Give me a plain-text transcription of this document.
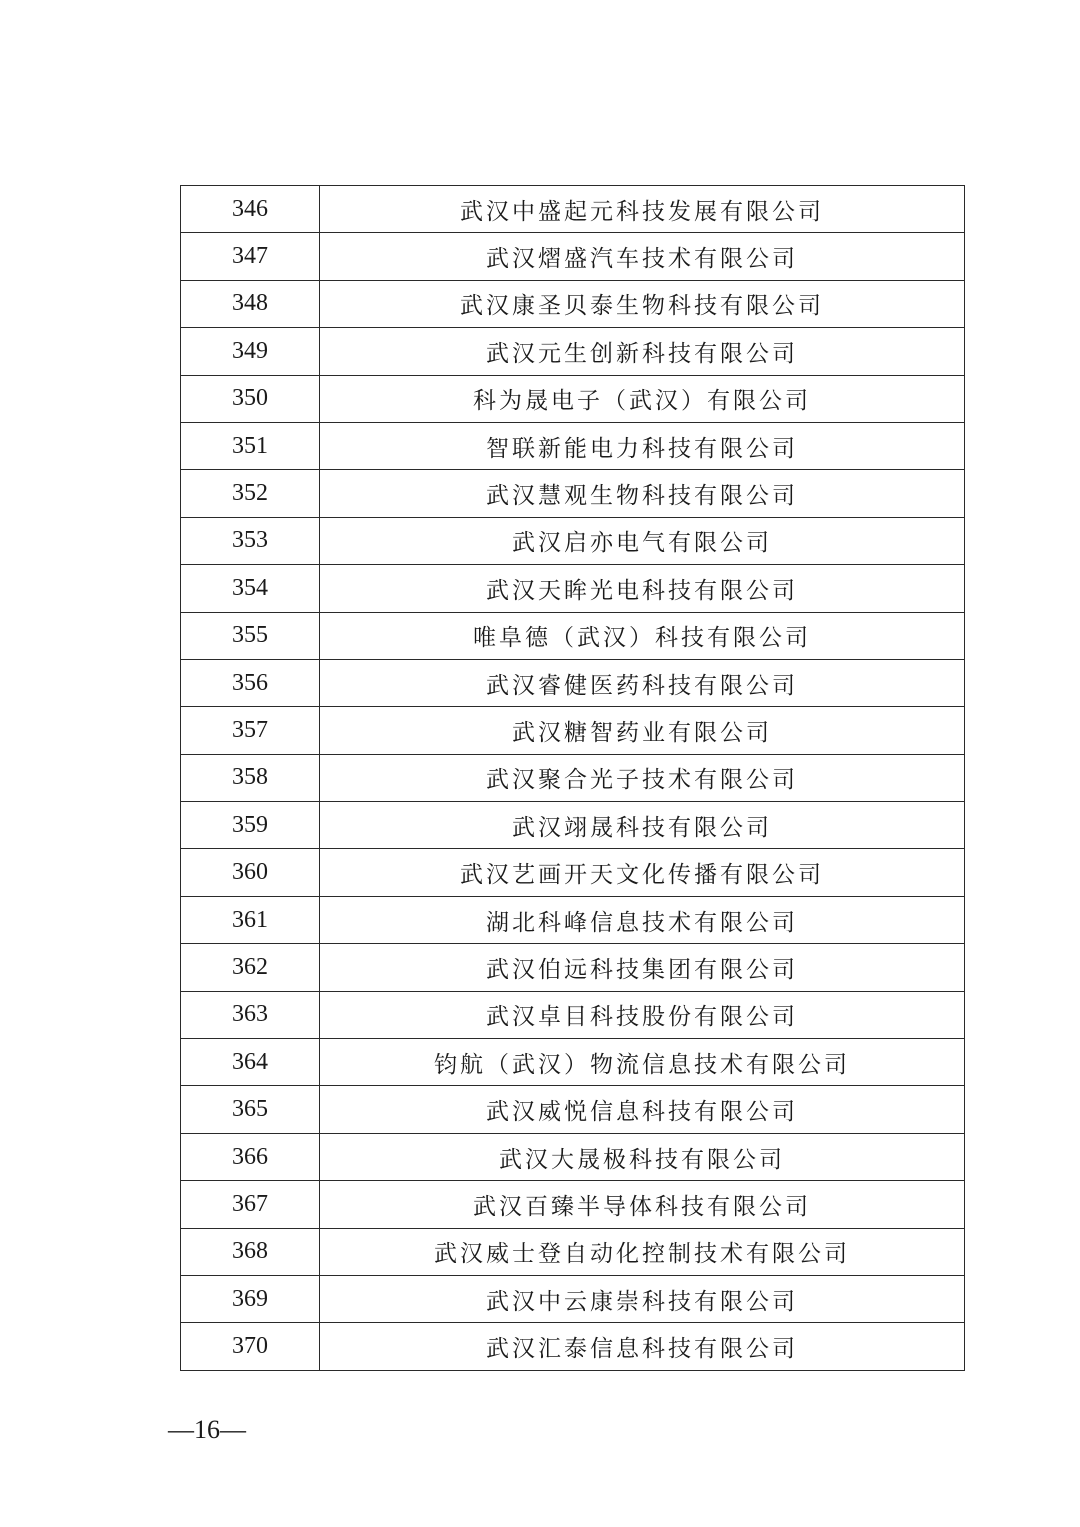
346	武汉中盛起元科技发展有限公司
347	武汉熠盛汽车技术有限公司
348	武汉康圣贝泰生物科技有限公司
349	武汉元生创新科技有限公司
350	科为晟电子（武汉）有限公司
351	智联新能电力科技有限公司
352	武汉慧观生物科技有限公司
353	武汉启亦电气有限公司
354	武汉天眸光电科技有限公司
355	唯阜德（武汉）科技有限公司
356	武汉睿健医药科技有限公司
357	武汉糖智药业有限公司
358	武汉聚合光子技术有限公司
359	武汉翊晟科技有限公司
360	武汉艺画开天文化传播有限公司
361	湖北科峰信息技术有限公司
362	武汉伯远科技集团有限公司
363	武汉卓目科技股份有限公司
364	钧航（武汉）物流信息技术有限公司
365	武汉威悦信息科技有限公司
366	武汉大晟极科技有限公司
367	武汉百臻半导体科技有限公司
368	武汉威士登自动化控制技术有限公司
369	武汉中云康崇科技有限公司
370	武汉汇泰信息科技有限公司
—16—
